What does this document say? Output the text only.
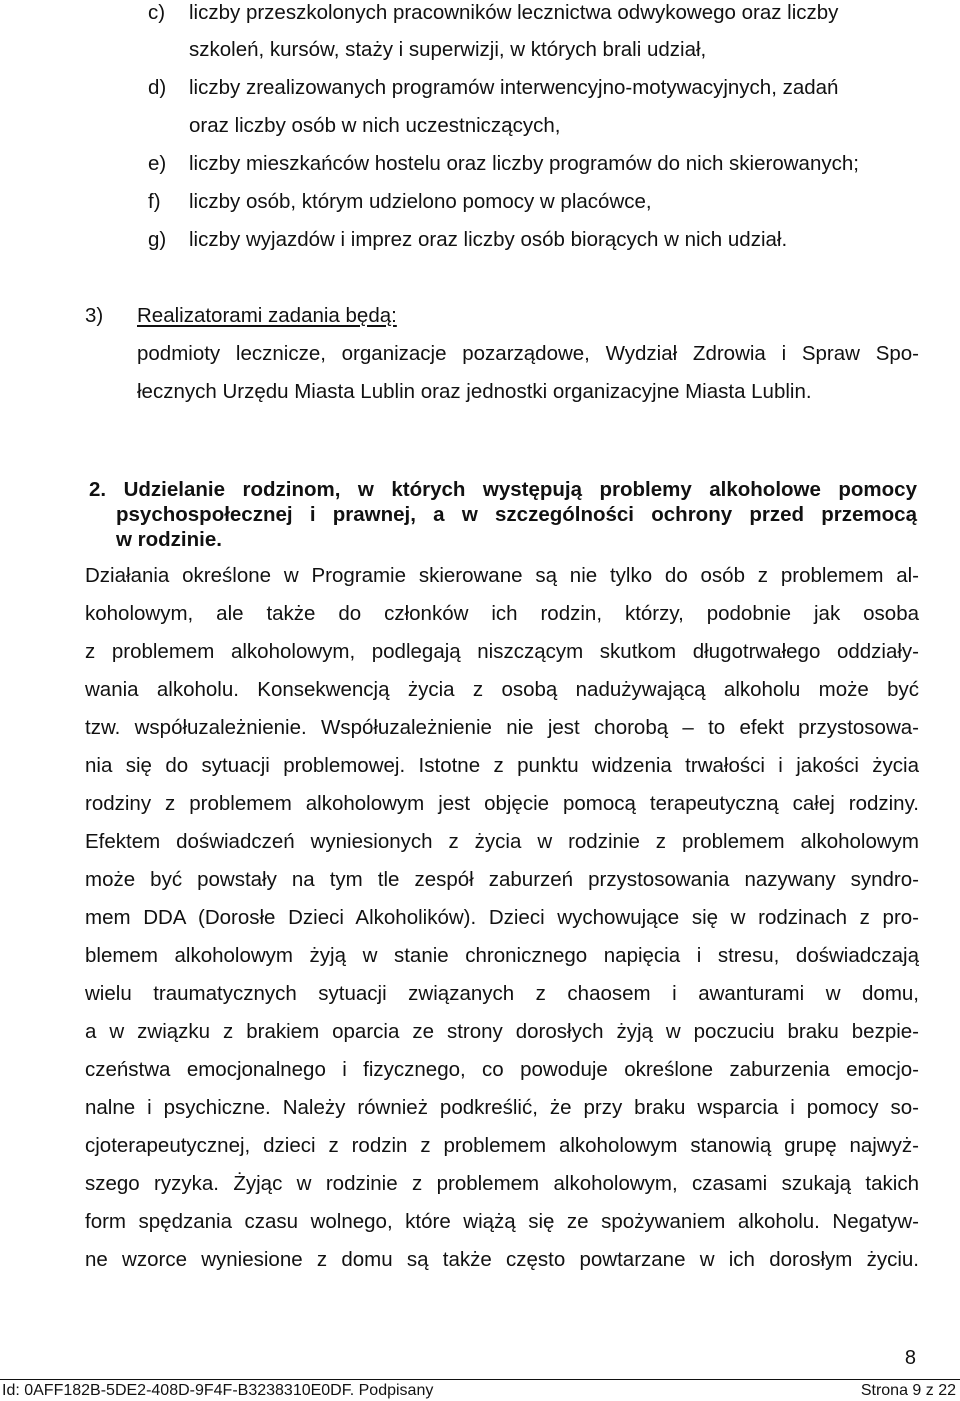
c) liczby przeszkolonych pracowników lecznictwa odwykowego oraz liczby
szkoleń, kursów, staży i superwizji, w których brali udział,
d) liczby zrealizowanych programów interwencyjno-motywacyjnych, zadań
oraz liczby osób w nich uczestniczących,
e) liczby mieszkańców hostelu oraz liczby programów do nich skierowanych;
f) liczby osób, którym udzielono pomocy w placówce,
g) liczby wyjazdów i imprez oraz liczby osób biorących w nich udział.
3) Realizatorami zadania będą:
podmioty lecznicze, organizacje pozarządowe, Wydział Zdrowia i Spraw Spo-
łecznych Urzędu Miasta Lublin oraz jednostki organizacyjne Miasta Lublin.
2. Udzielanie rodzinom, w których występują problemy alkoholowe pomocy
psychospołecznej i prawnej, a w szczególności ochrony przed przemocą
w rodzinie.
Działania określone w Programie skierowane są nie tylko do osób z problemem al-
koholowym, ale także do członków ich rodzin, którzy, podobnie jak osoba
z problemem alkoholowym, podlegają niszczącym skutkom długotrwałego oddziały-
wania alkoholu. Konsekwencją życia z osobą nadużywającą alkoholu może być
tzw. współuzależnienie. Współuzależnienie nie jest chorobą – to efekt przystosowa-
nia się do sytuacji problemowej. Istotne z punktu widzenia trwałości i jakości życia
rodziny z problemem alkoholowym jest objęcie pomocą terapeutyczną całej rodziny.
Efektem doświadczeń wyniesionych z życia w rodzinie z problemem alkoholowym
może być powstały na tym tle zespół zaburzeń przystosowania nazywany syndro-
mem DDA (Dorosłe Dzieci Alkoholików). Dzieci wychowujące się w rodzinach z pro-
blemem alkoholowym żyją w stanie chronicznego napięcia i stresu, doświadczają
wielu traumatycznych sytuacji związanych z chaosem i awanturami w domu,
a w związku z brakiem oparcia ze strony dorosłych żyją w poczuciu braku bezpie-
czeństwa emocjonalnego i fizycznego, co powoduje określone zaburzenia emocjo-
nalne i psychiczne. Należy również podkreślić, że przy braku wsparcia i pomocy so-
cjoterapeutycznej, dzieci z rodzin z problemem alkoholowym stanowią grupę najwyż-
szego ryzyka. Żyjąc w rodzinie z problemem alkoholowym, czasami szukają takich
form spędzania czasu wolnego, które wiążą się ze spożywaniem alkoholu. Negatyw-
ne wzorce wyniesione z domu są także często powtarzane w ich dorosłym życiu.
8
Id: 0AFF182B-5DE2-408D-9F4F-B3238310E0DF. Podpisany	Strona 9 z 22
